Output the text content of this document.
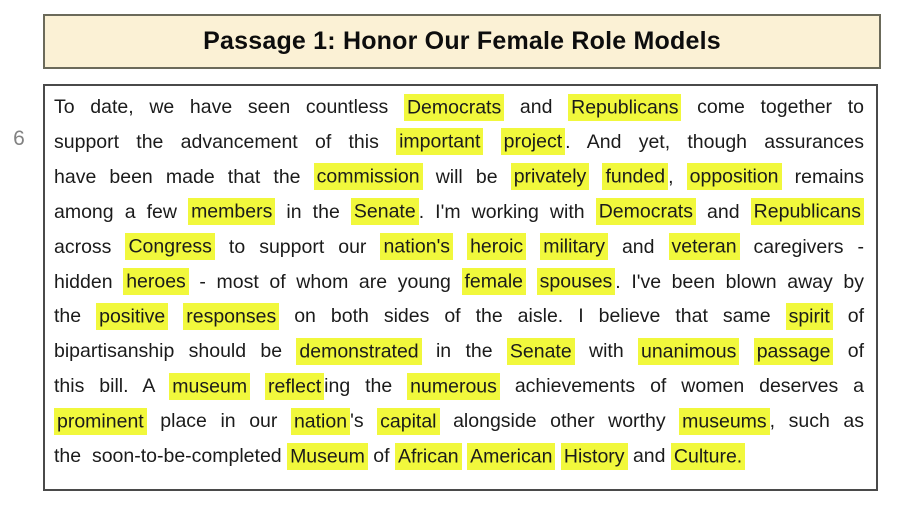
Passage 1: Honor Our Female Role Models
6
To date, we have seen countless Democrats and Republicans come together to
support the advancement of this important project . And yet, though assurances
have been made that the commission will be privately funded , opposition remains
among a few members in the Senate . I'm working with Democrats and Republicans
across Congress to support our nation's heroic military and veteran caregivers -
hidden heroes - most of whom are young female spouses . I've been blown away by
the positive responses on both sides of the aisle. I believe that same spirit of
bipartisanship should be demonstrated in the Senate with unanimous passage of
this bill. A museum reflect ing the numerous achievements of women deserves a
prominent place in our nation 's capital alongside other worthy museums , such as
the  soon-to-be-completed Museum of African American History and Culture.
